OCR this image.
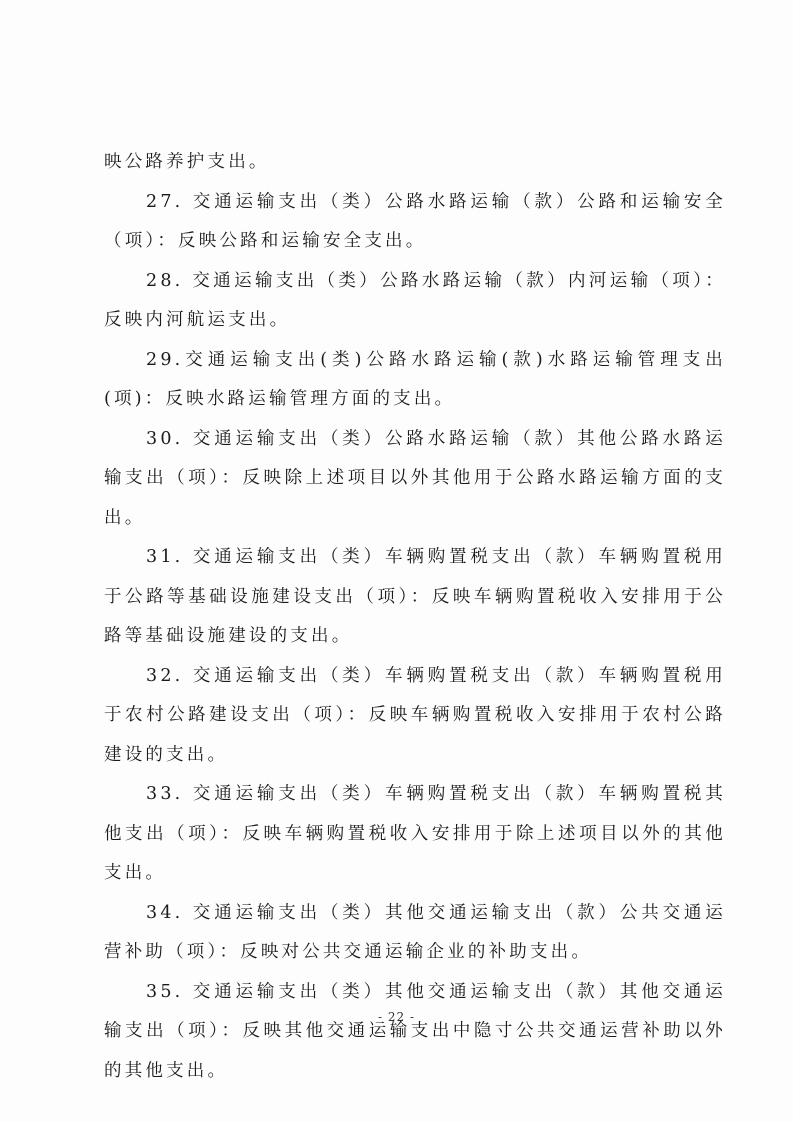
映公路养护支出。

27. 交通运输支出（类）公路水路运输（款）公路和运输安全（项）：反映公路和运输安全支出。

28. 交通运输支出（类）公路水路运输（款）内河运输（项）：反映内河航运支出。

29.交通运输支出(类)公路水路运输(款)水路运输管理支出(项)：反映水路运输管理方面的支出。

30. 交通运输支出（类）公路水路运输（款）其他公路水路运输支出（项）：反映除上述项目以外其他用于公路水路运输方面的支出。

31. 交通运输支出（类）车辆购置税支出（款）车辆购置税用于公路等基础设施建设支出（项）：反映车辆购置税收入安排用于公路等基础设施建设的支出。

32. 交通运输支出（类）车辆购置税支出（款）车辆购置税用于农村公路建设支出（项）：反映车辆购置税收入安排用于农村公路建设的支出。

33. 交通运输支出（类）车辆购置税支出（款）车辆购置税其他支出（项）：反映车辆购置税收入安排用于除上述项目以外的其他支出。

34. 交通运输支出（类）其他交通运输支出（款）公共交通运营补助（项）：反映对公共交通运输企业的补助支出。

35. 交通运输支出（类）其他交通运输支出（款）其他交通运输支出（项）：反映其他交通运输支出中隐寸公共交通运营补助以外的其他支出。

- 22 -
